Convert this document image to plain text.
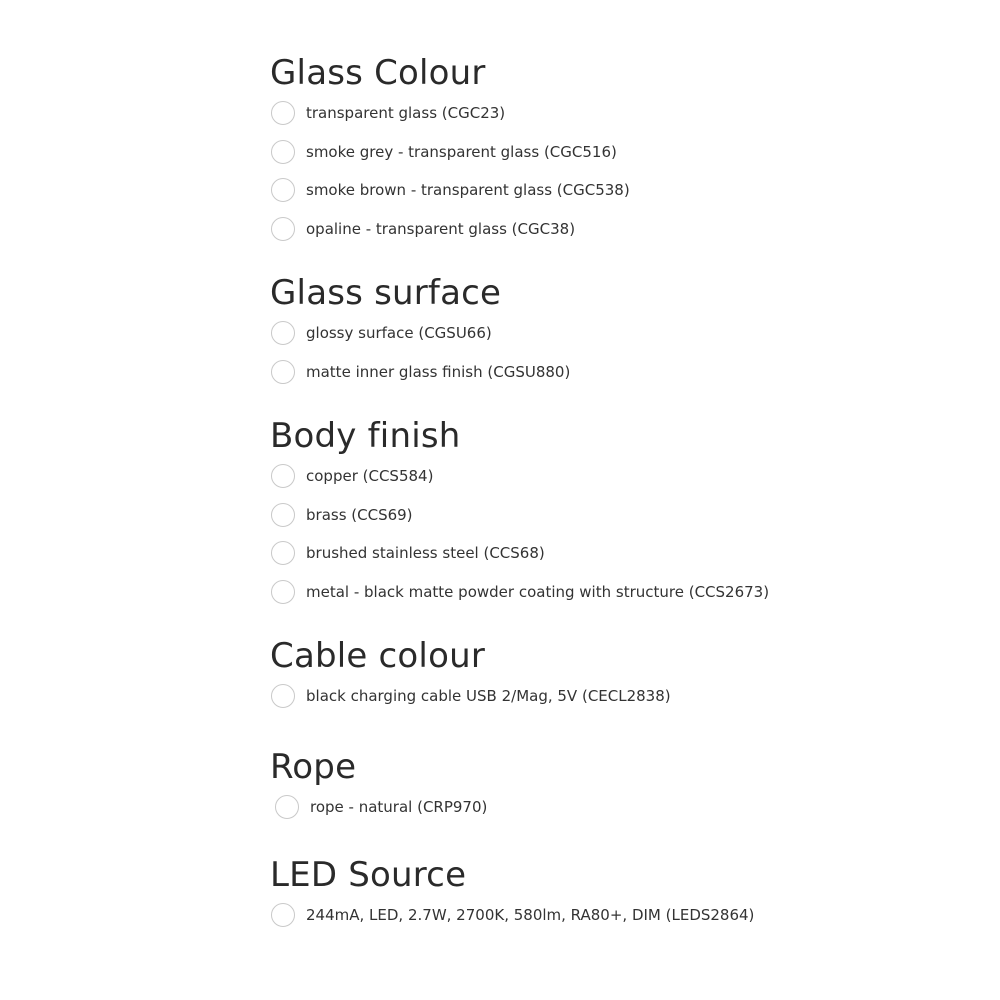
Glass Colour
transparent glass (CGC23)
smoke grey - transparent glass (CGC516)
smoke brown - transparent glass (CGC538)
opaline - transparent glass (CGC38)
Glass surface
glossy surface (CGSU66)
matte inner glass finish (CGSU880)
Body finish
copper (CCS584)
brass (CCS69)
brushed stainless steel (CCS68)
metal - black matte powder coating with structure (CCS2673)
Cable colour
black charging cable USB 2/Mag, 5V (CECL2838)
Rope
rope - natural (CRP970)
LED Source
244mA, LED, 2.7W, 2700K, 580lm, RA80+, DIM (LEDS2864)
